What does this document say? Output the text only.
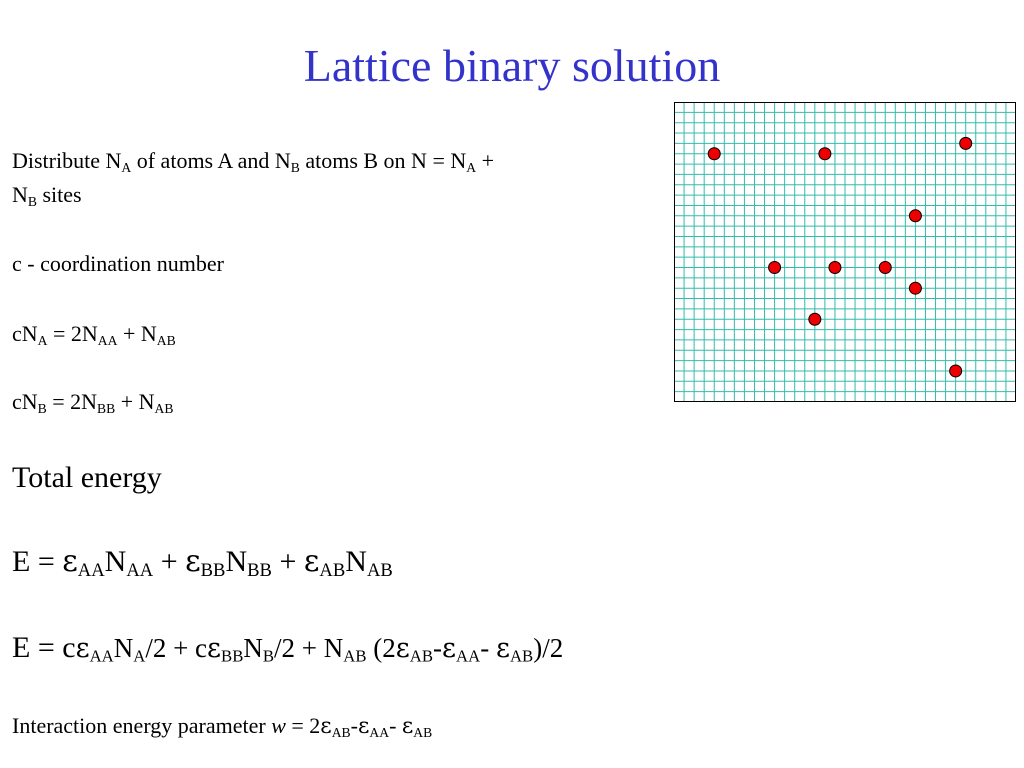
Lattice binary solution
Distribute $N_A$ of atoms A and $N_B$ atoms B on $N = N_A$ +
$N_B$ sites
c - coordination number
$cN_A = 2N_{AA} + N_{AB}$
$cN_B = 2N_{BB} + N_{AB}$
Total energy
$E = \varepsilon_{AA}N_{AA} + \varepsilon_{BB}N_{BB} + \varepsilon_{AB}N_{AB}$
$E = c\varepsilon_{AA}N_A/2 + c\varepsilon_{BB}N_B/2 + N_{AB}$ ($2\varepsilon_{AB}-\varepsilon_{AA}-$ $\varepsilon_{AB})/2$
Interaction energy parameter $w = 2\varepsilon_{AB}-\varepsilon_{AA}-$ $\varepsilon_{AB}$
